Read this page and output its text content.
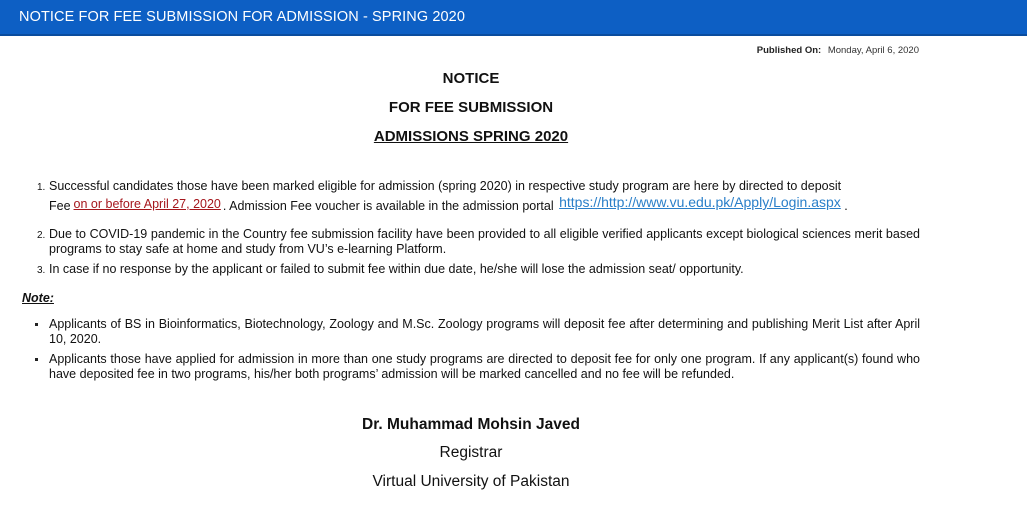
NOTICE FOR FEE SUBMISSION FOR ADMISSION - SPRING 2020
Published On: Monday, April 6, 2020
NOTICE
FOR FEE SUBMISSION
ADMISSIONS SPRING 2020
1. Successful candidates those have been marked eligible for admission (spring 2020) in respective study program are here by directed to deposit
Fee on or before April 27, 2020 . Admission Fee voucher is available in the admission portal https://http://www.vu.edu.pk/Apply/Login.aspx .
2. Due to COVID-19 pandemic in the Country fee submission facility have been provided to all eligible verified applicants except biological sciences merit based programs to stay safe at home and study from VU’s e-learning Platform.
3. In case if no response by the applicant or failed to submit fee within due date, he/she will lose the admission seat/ opportunity.
Note:
Applicants of BS in Bioinformatics, Biotechnology, Zoology and M.Sc. Zoology programs will deposit fee after determining and publishing Merit List after April 10, 2020.
Applicants those have applied for admission in more than one study programs are directed to deposit fee for only one program. If any applicant(s) found who have deposited fee in two programs, his/her both programs’ admission will be marked cancelled and no fee will be refunded.
Dr. Muhammad Mohsin Javed
Registrar
Virtual University of Pakistan
